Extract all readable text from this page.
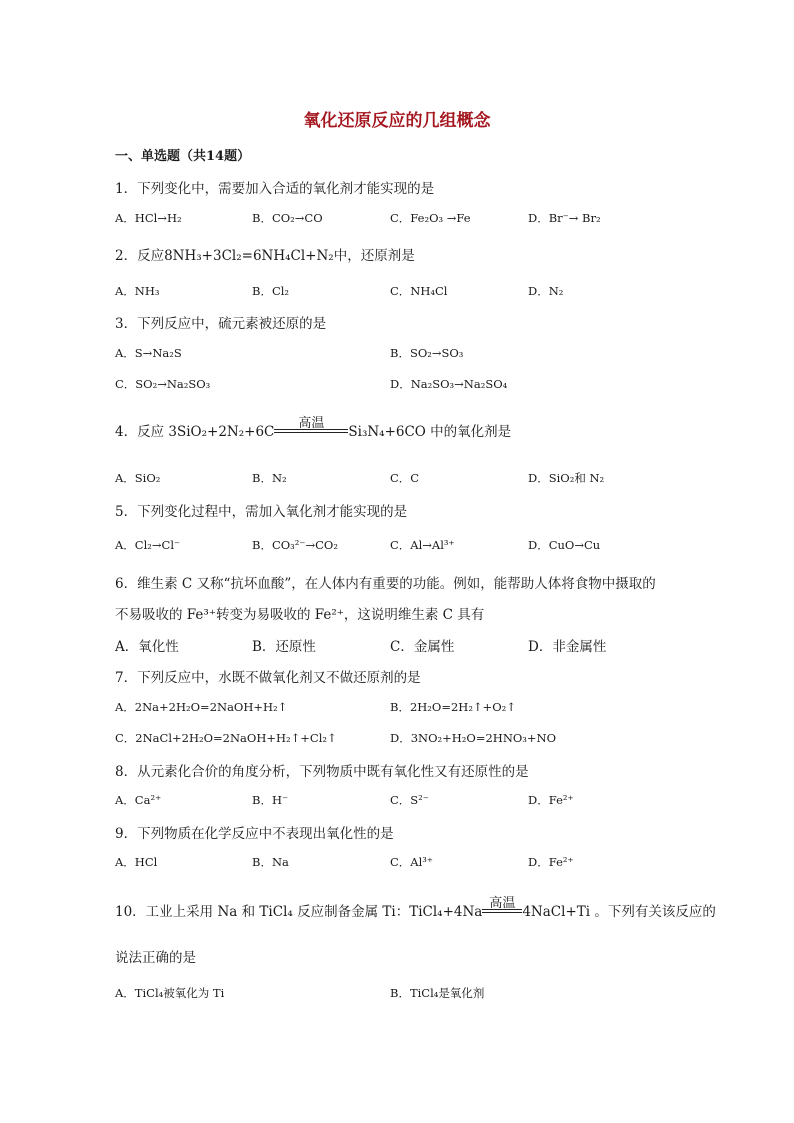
氧化还原反应的几组概念
一、单选题（共14题）
1．下列变化中，需要加入合适的氧化剂才能实现的是
A．HCl→H₂	B．CO₂→CO	C．Fe₂O₃ →Fe	D．Br⁻→ Br₂
2．反应8NH₃+3Cl₂=6NH₄Cl+N₂中，还原剂是
A．NH₃	B．Cl₂	C．NH₄Cl	D．N₂
3．下列反应中，硫元素被还原的是
A．S→Na₂S	B．SO₂→SO₃
C．SO₂→Na₂SO₃	D．Na₂SO₃→Na₂SO₄
4．反应 3SiO₂+2N₂+6C
高温
Si₃N₄+6CO 中的氧化剂是
A．SiO₂	B．N₂	C．C	D．SiO₂和 N₂
5．下列变化过程中，需加入氧化剂才能实现的是
A．Cl₂→Cl⁻	B．CO₃²⁻→CO₂	C．Al→Al³⁺	D．CuO→Cu
6．维生素 C 又称“抗坏血酸”，在人体内有重要的功能。例如，能帮助人体将食物中摄取的
不易吸收的 Fe³⁺转变为易吸收的 Fe²⁺，这说明维生素 C 具有
A．氧化性	B．还原性	C．金属性	D．非金属性
7．下列反应中，水既不做氧化剂又不做还原剂的是
A．2Na+2H₂O=2NaOH+H₂↑	B．2H₂O=2H₂↑+O₂↑
C．2NaCl+2H₂O=2NaOH+H₂↑+Cl₂↑	D．3NO₂+H₂O=2HNO₃+NO
8．从元素化合价的角度分析，下列物质中既有氧化性又有还原性的是
A．Ca²⁺	B．H⁻	C．S²⁻	D．Fe²⁺
9．下列物质在化学反应中不表现出氧化性的是
A．HCl	B．Na	C．Al³⁺	D．Fe²⁺
10．工业上采用 Na 和 TiCl₄ 反应制备金属 Ti：TiCl₄+4Na
高温
4NaCl+Ti 。下列有关该反应的
说法正确的是
A．TiCl₄被氧化为 Ti	B．TiCl₄是氧化剂
